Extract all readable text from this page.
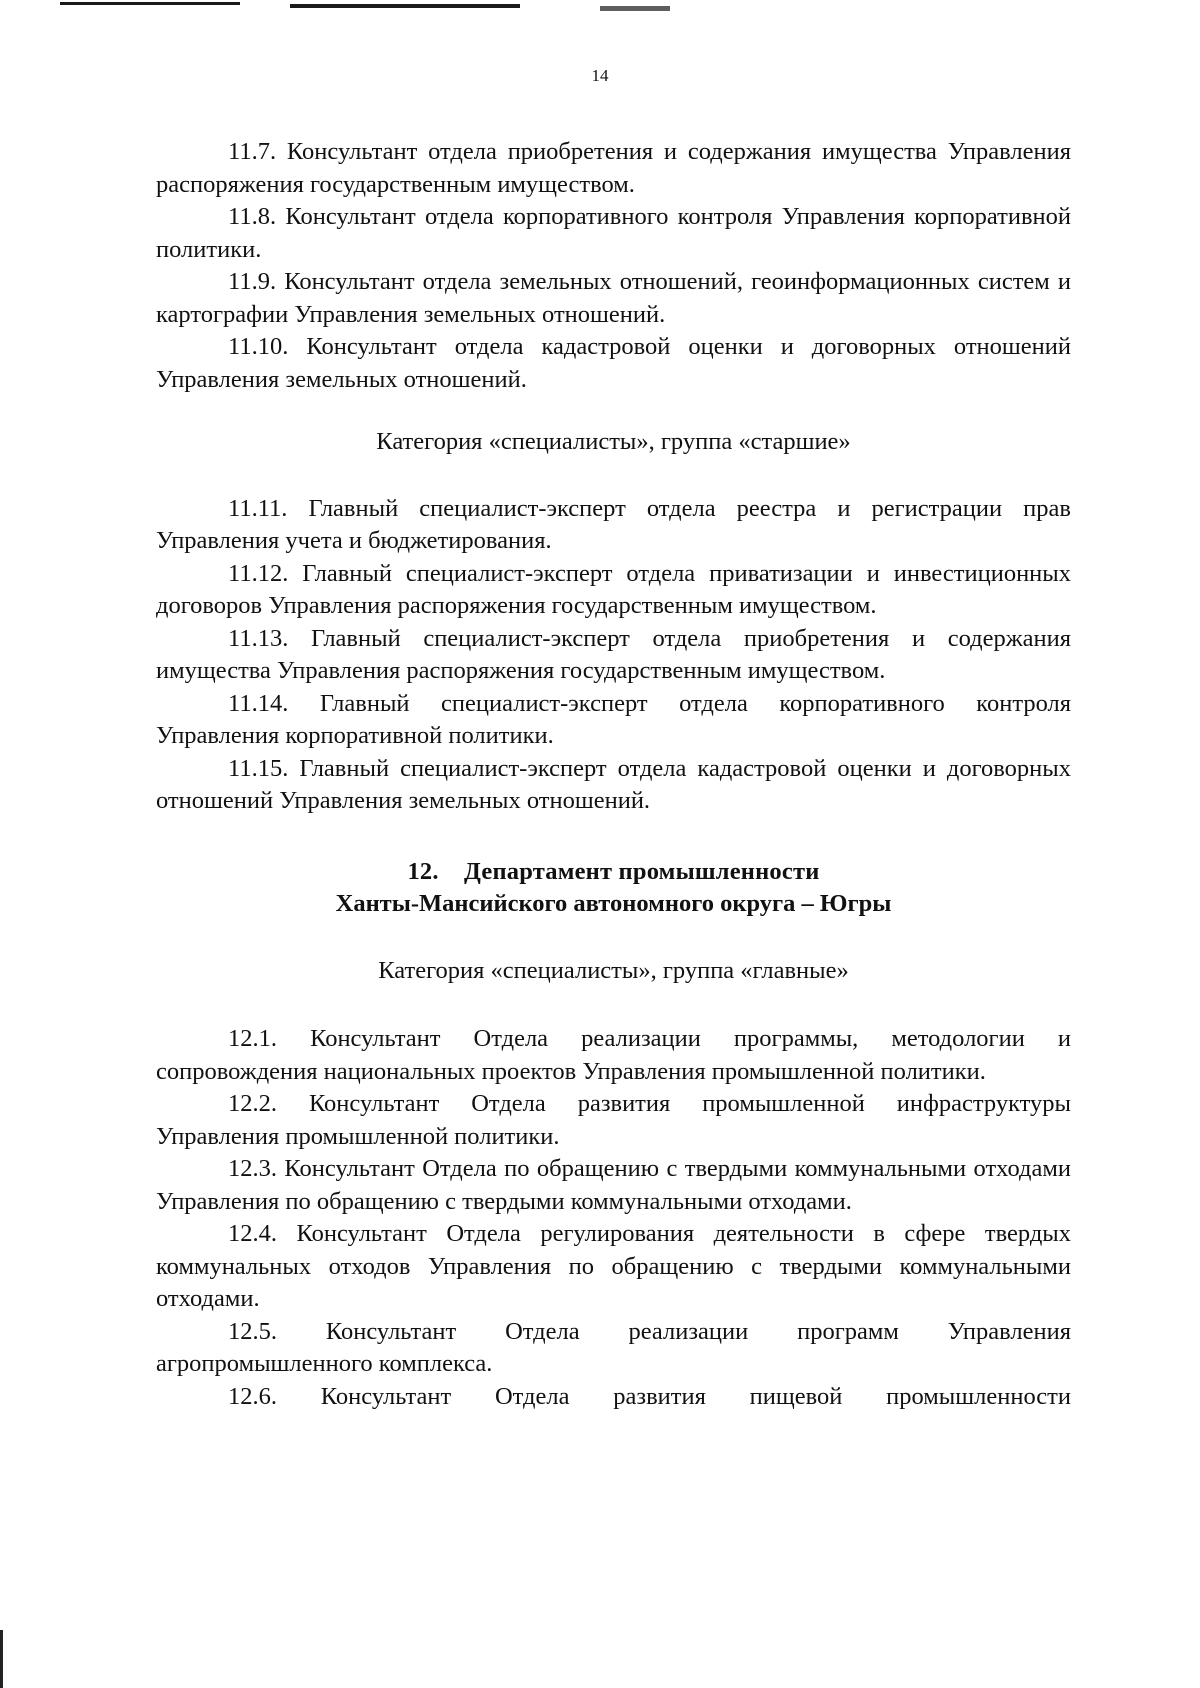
14

11.7. Консультант отдела приобретения и содержания имущества Управления распоряжения государственным имуществом.

11.8. Консультант отдела корпоративного контроля Управления корпоративной политики.

11.9. Консультант отдела земельных отношений, геоинформационных систем и картографии Управления земельных отношений.

11.10. Консультант отдела кадастровой оценки и договорных отношений Управления земельных отношений.

Категория «специалисты», группа «старшие»

11.11. Главный специалист-эксперт отдела реестра и регистрации прав Управления учета и бюджетирования.

11.12. Главный специалист-эксперт отдела приватизации и инвестиционных договоров Управления распоряжения государственным имуществом.

11.13. Главный специалист-эксперт отдела приобретения и содержания имущества Управления распоряжения государственным имуществом.

11.14. Главный специалист-эксперт отдела корпоративного контроля Управления корпоративной политики.

11.15. Главный специалист-эксперт отдела кадастровой оценки и договорных отношений Управления земельных отношений.

12. Департамент промышленности

Ханты-Мансийского автономного округа – Югры

Категория «специалисты», группа «главные»

12.1. Консультант Отдела реализации программы, методологии и сопровождения национальных проектов Управления промышленной политики.

12.2. Консультант Отдела развития промышленной инфраструктуры Управления промышленной политики.

12.3. Консультант Отдела по обращению с твердыми коммунальными отходами Управления по обращению с твердыми коммунальными отходами.

12.4. Консультант Отдела регулирования деятельности в сфере твердых коммунальных отходов Управления по обращению с твердыми коммунальными отходами.

12.5. Консультант Отдела реализации программ Управления агропромышленного комплекса.

12.6. Консультант Отдела развития пищевой промышленности
